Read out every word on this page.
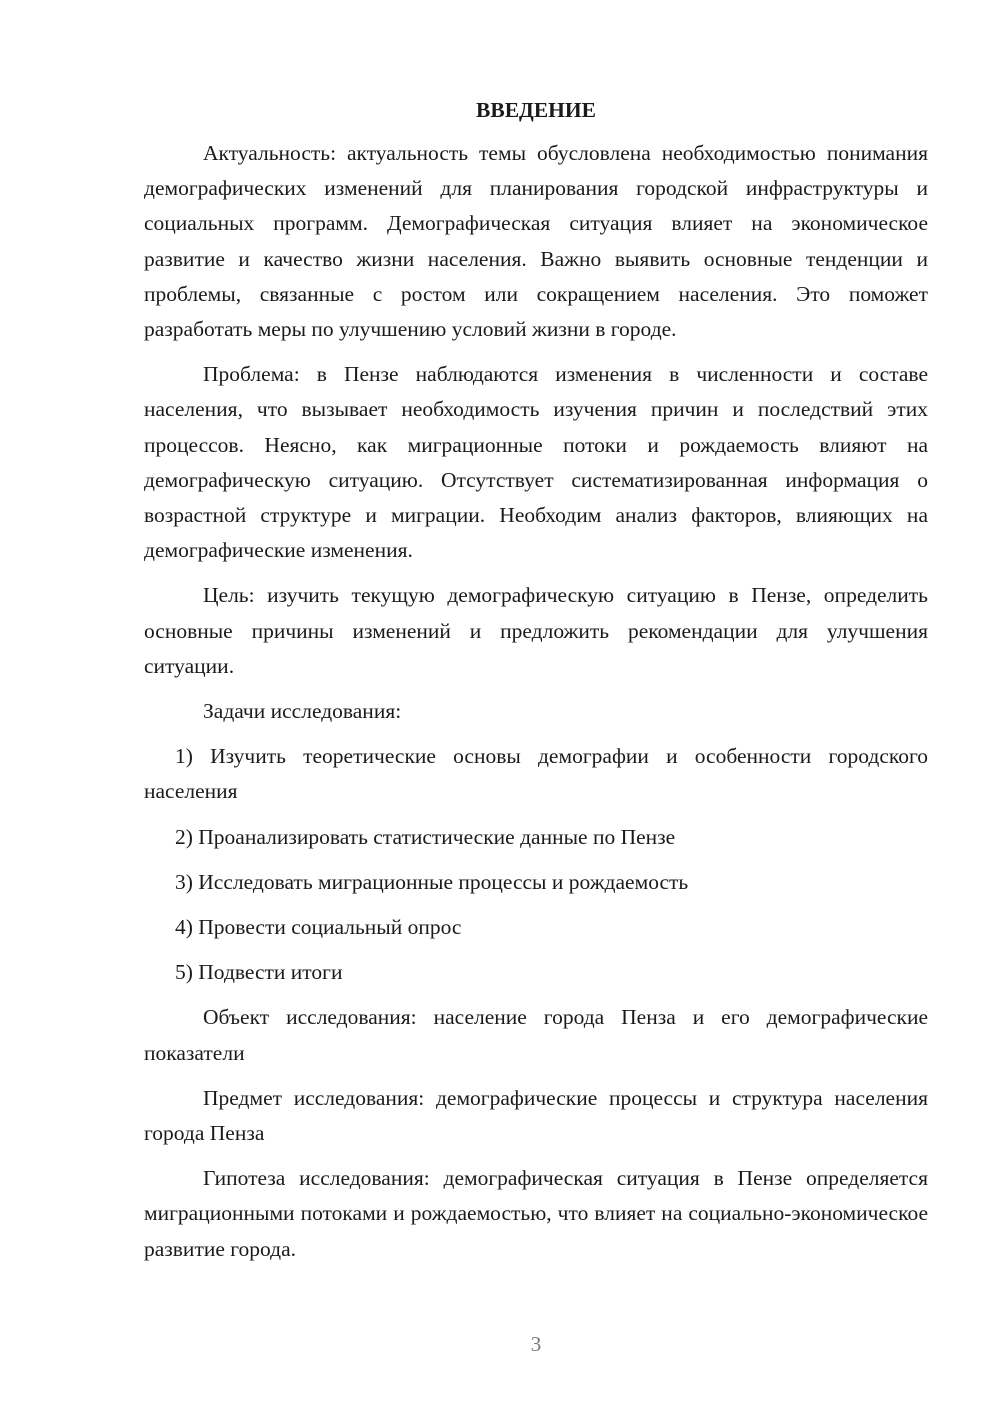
ВВЕДЕНИЕ

Актуальность: актуальность темы обусловлена необходимостью понимания демографических изменений для планирования городской инфраструктуры и социальных программ. Демографическая ситуация влияет на экономическое развитие и качество жизни населения. Важно выявить основные тенденции и проблемы, связанные с ростом или сокращением населения. Это поможет разработать меры по улучшению условий жизни в городе.

Проблема: в Пензе наблюдаются изменения в численности и составе населения, что вызывает необходимость изучения причин и последствий этих процессов. Неясно, как миграционные потоки и рождаемость влияют на демографическую ситуацию. Отсутствует систематизированная информация о возрастной структуре и миграции. Необходим анализ факторов, влияющих на демографические изменения.

Цель: изучить текущую демографическую ситуацию в Пензе, определить основные причины изменений и предложить рекомендации для улучшения ситуации.

Задачи исследования:

1) Изучить теоретические основы демографии и особенности городского населения

2) Проанализировать статистические данные по Пензе

3) Исследовать миграционные процессы и рождаемость

4) Провести социальный опрос

5) Подвести итоги

Объект исследования: население города Пенза и его демографические показатели

Предмет исследования: демографические процессы и структура населения города Пенза

Гипотеза исследования: демографическая ситуация в Пензе определяется миграционными потоками и рождаемостью, что влияет на социально-экономическое развитие города.

3
